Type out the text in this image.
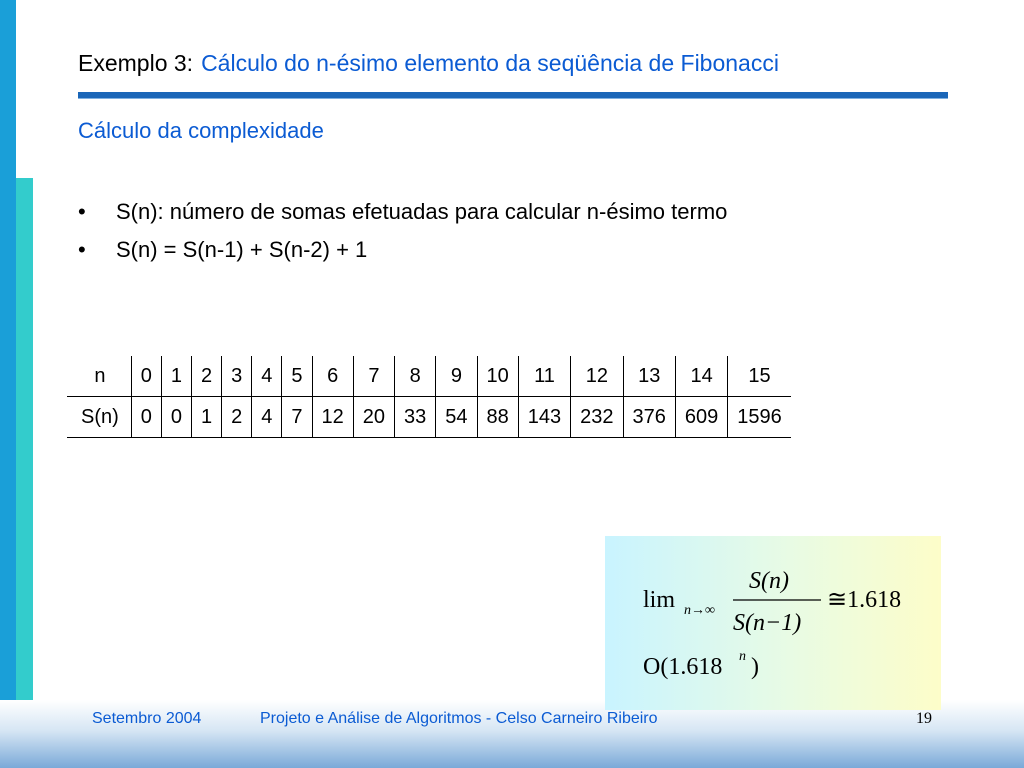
Exemplo 3: Cálculo do n-ésimo elemento da seqüência de Fibonacci
Cálculo da complexidade
•	S(n): número de somas efetuadas para calcular n-ésimo termo
•	S(n) = S(n-1) + S(n-2) + 1
n	0	1	2	3	4	5	6	7	8	9	10	11	12	13	14	15
S(n)	0	0	1	2	4	7	12	20	33	54	88	143	232	376	609	1596
lim n→∞
S(n)
S(n−1)
≅1.618
O(1.618 n )
Setembro 2004	Projeto e Análise de Algoritmos - Celso Carneiro Ribeiro	19
